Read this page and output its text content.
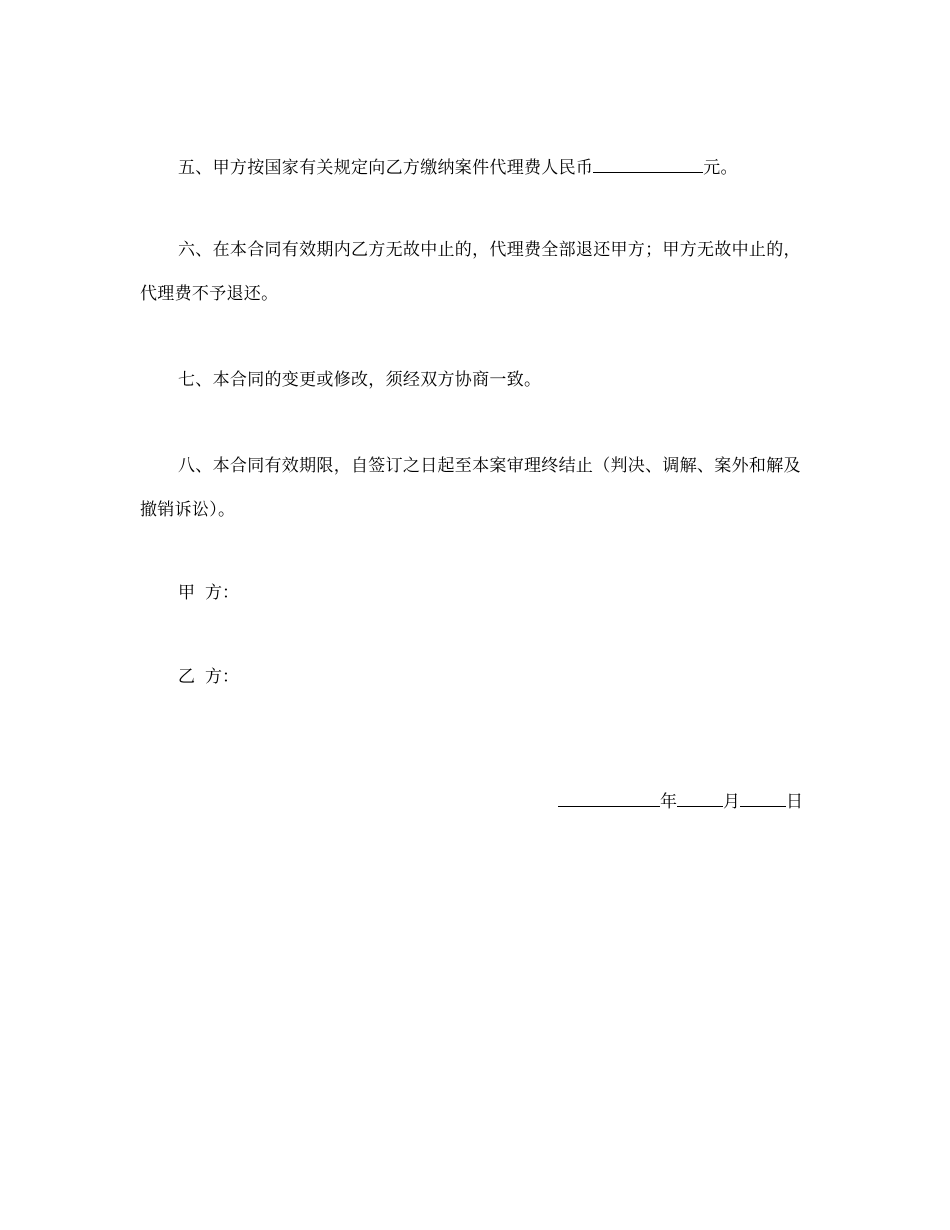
五、甲方按国家有关规定向乙方缴纳案件代理费人民币	元。

六、在本合同有效期内乙方无故中止的，代理费全部退还甲方；甲方无故中止的，代理费不予退还。

七、本合同的变更或修改，须经双方协商一致。

八、本合同有效期限，自签订之日起至本案审理终结止（判决、调解、案外和解及撤销诉讼）。

甲 方：

乙 方：

年	月	日
